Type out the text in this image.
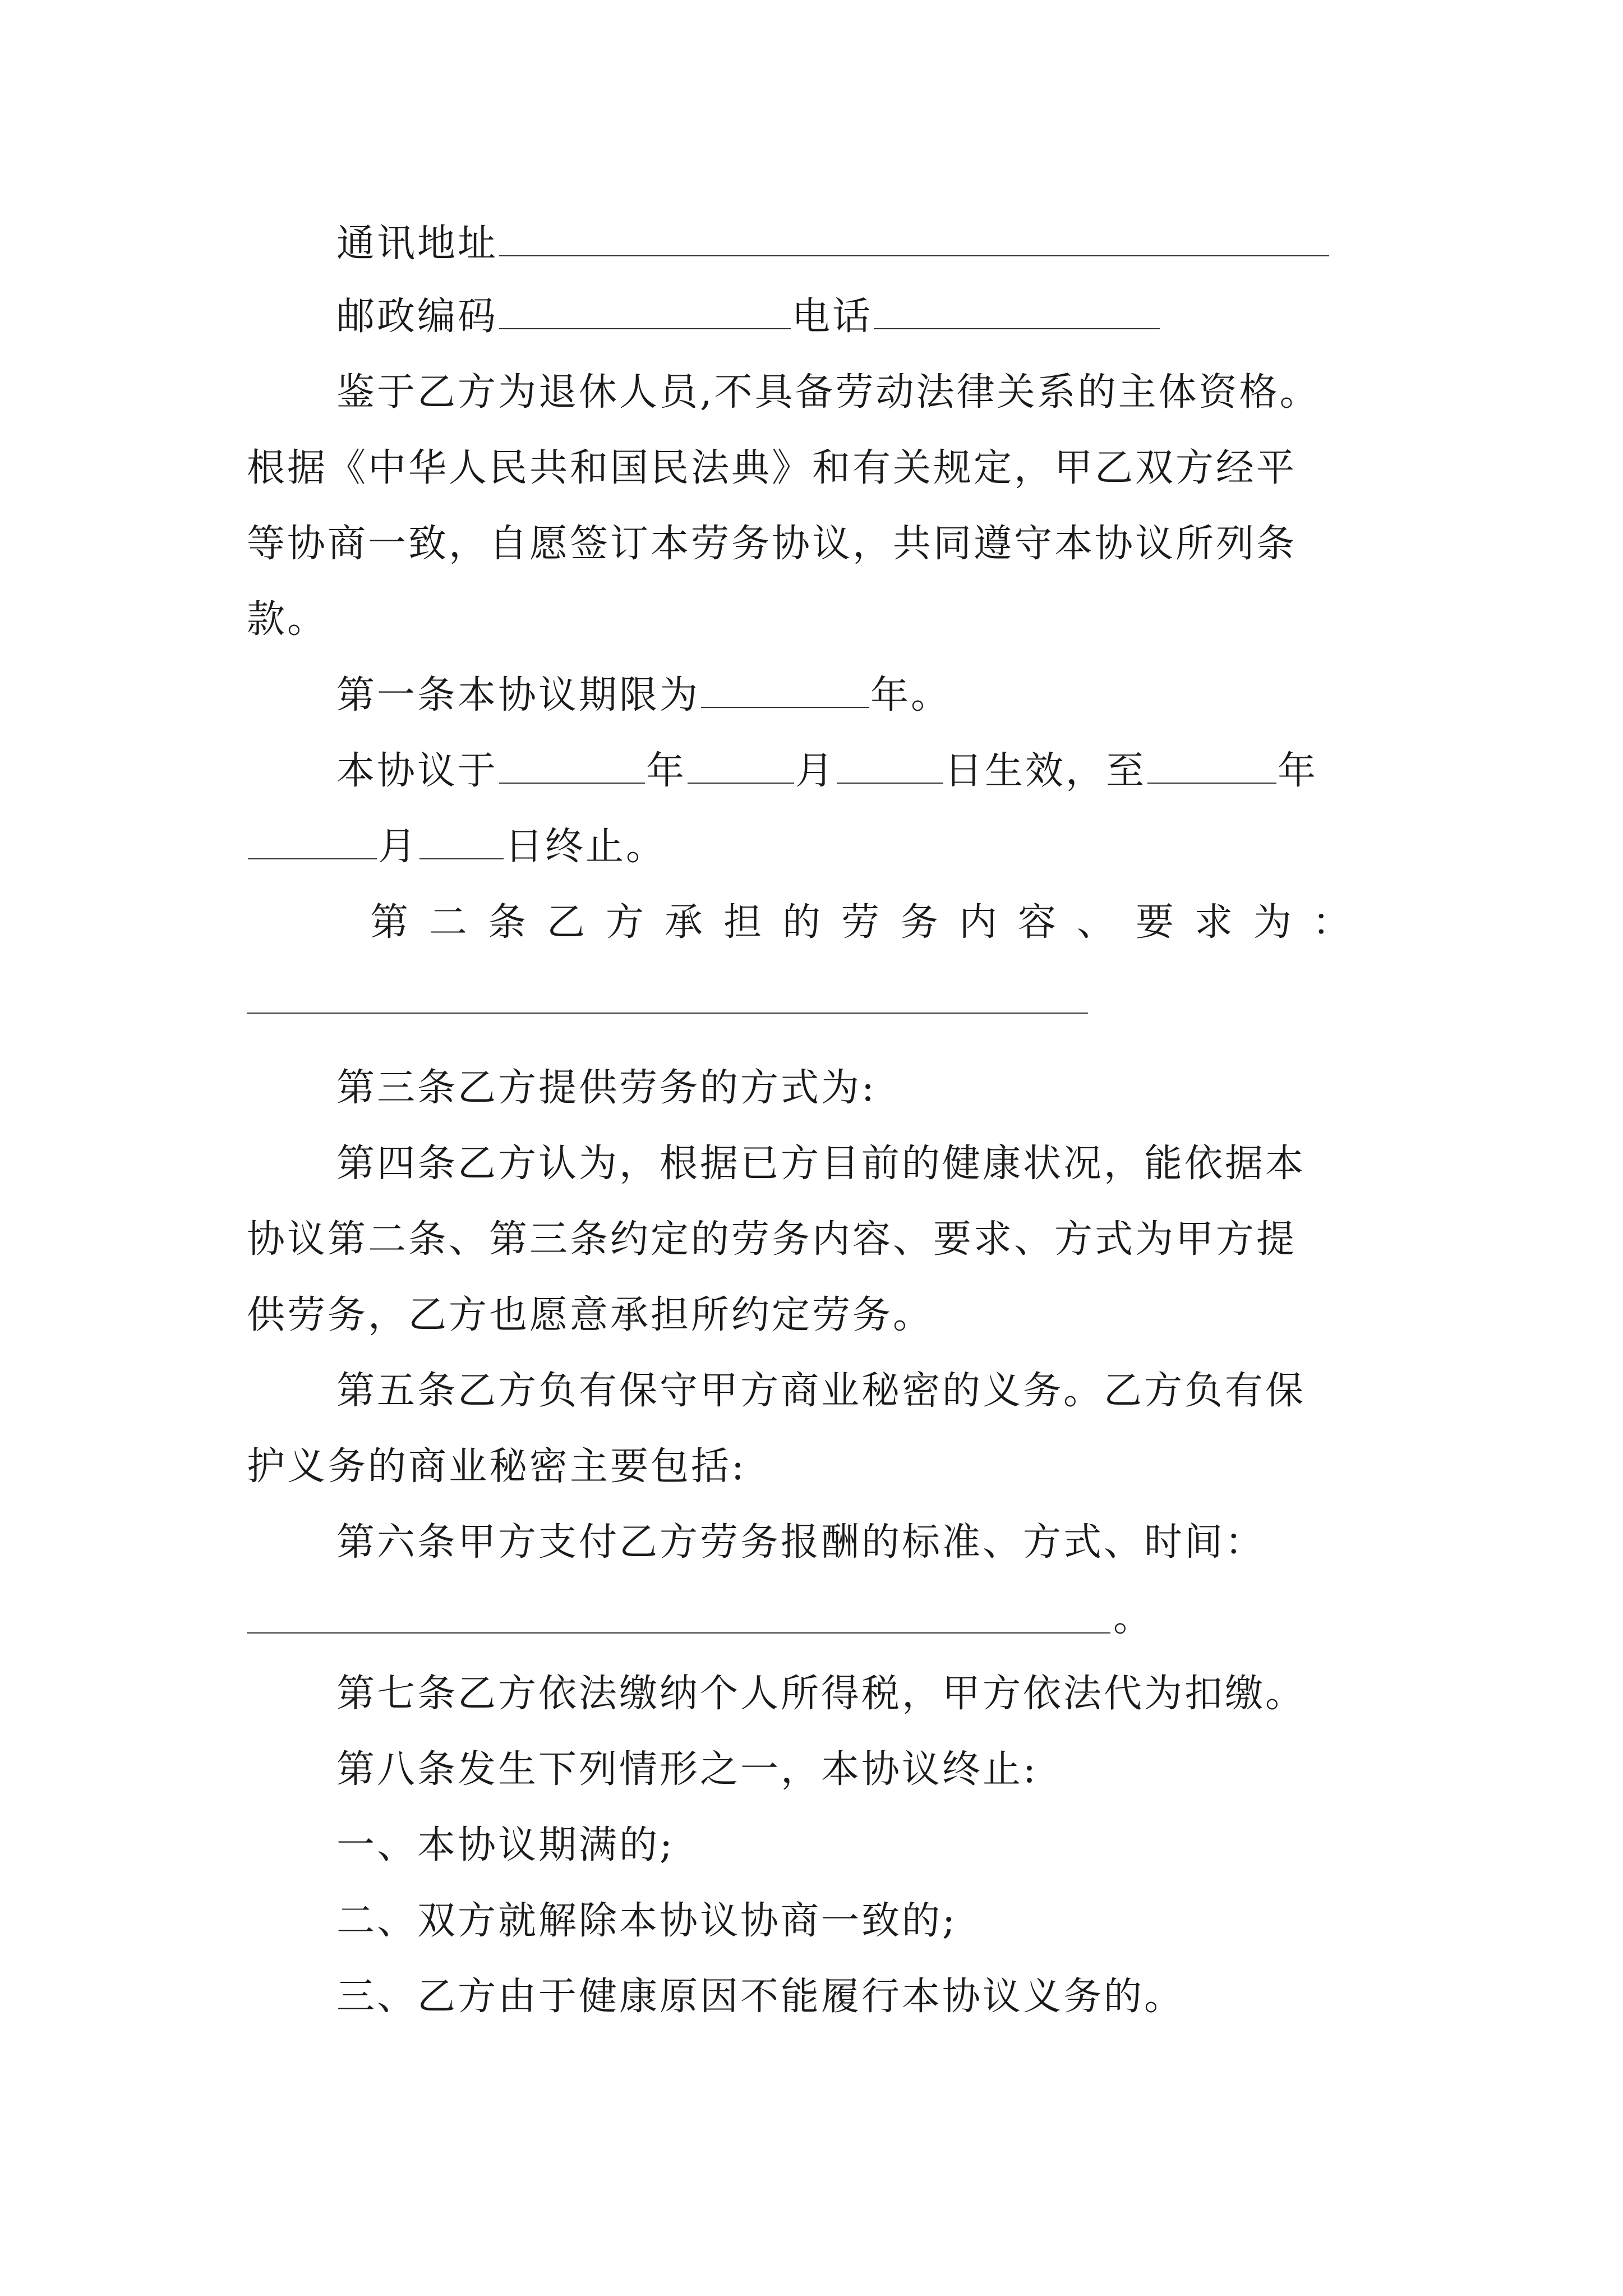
通讯地址
邮政编码	电话
鉴于乙方为退休人员,不具备劳动法律关系的主体资格。
根据《中华人民共和国民法典》和有关规定，甲乙双方经平
等协商一致，自愿签订本劳务协议，共同遵守本协议所列条
款。
第一条本协议期限为	年。
本协议于	年	月	日生效，至	年
月 日终止。
第二条乙方承担的劳务内容、要求为：
第三条乙方提供劳务的方式为:
第四条乙方认为，根据已方目前的健康状况，能依据本
协议第二条、第三条约定的劳务内容、要求、方式为甲方提
供劳务，乙方也愿意承担所约定劳务。
第五条乙方负有保守甲方商业秘密的义务。乙方负有保
护义务的商业秘密主要包括:
第六条甲方支付乙方劳务报酬的标准、方式、时间：
。
第七条乙方依法缴纳个人所得税，甲方依法代为扣缴。
第八条发生下列情形之一，本协议终止:
一、本协议期满的;
二、双方就解除本协议协商一致的;
三、乙方由于健康原因不能履行本协议义务的。
